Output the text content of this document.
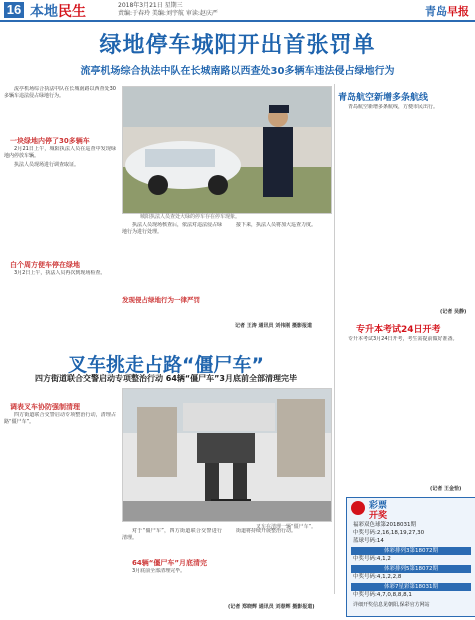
16 本地民生	2018年3月21日 星期三
责编:于春玲 美编:刘宇航 审读:赵庆严	青岛早报
绿地停车城阳开出首张罚单
流亭机场综合执法中队在长城南路以西查处30多辆车违法侵占绿地行为

流亭机场综合执法中队在长城南路以西查处30多辆车违法侵占绿地行为。

一块绿地内停了30多辆车

2月21日上午，城阳执法人员在巡查中发现绿地内停放车辆。

执法人员现场进行调查取证。

白个周方便车停在绿地

3月2日上午，执法人员再次到现场检查。

城阳执法人员查处大绿的停车存在停车现象。

执法人员现场核查后，依法对违法侵占绿地行为进行处理。

发现侵占绿地行为一律严罚

接下来，执法人员将加大巡查力度。

记者 王涛 通讯员 刘伟刚 摄影报道
青岛航空新增多条航线

青岛航空新增多条航线，方便市民出行。

(记者 吴静)
专升本考试24日开考

专升本考试3月24日开考，考生需提前做好准备。

(记者 王金恰)
叉车挑走占路“僵尸车”
四方街道联合交警启动专项整治行动 64辆“僵尸车”3月底前全部清理完毕
调表叉车协防强制清理

四方街道联合交警启动专项整治行动，清理占路“僵尸车”。

叉车在清理一辆“僵尸车”。

对于“僵尸车”，四方街道联合交警进行清理。

64辆“僵尸车”月底清完

3月底前全部清理完毕。

街道将持续开展整治行动。

(记者 郑晓辉 通讯员 刘春辉 摄影报道)
彩票
开奖
福彩双色球第2018031期
中奖号码:2,16,18,19,27,30
蓝球号码:14
体彩排列3第18072期
中奖号码:4,1,2
体彩排列5第18072期
中奖号码:4,1,2,2,8
体彩7星彩第18031期
中奖号码:4,7,0,8,8,8,1
详细开奖信息见朝阳,保彩官方网站
